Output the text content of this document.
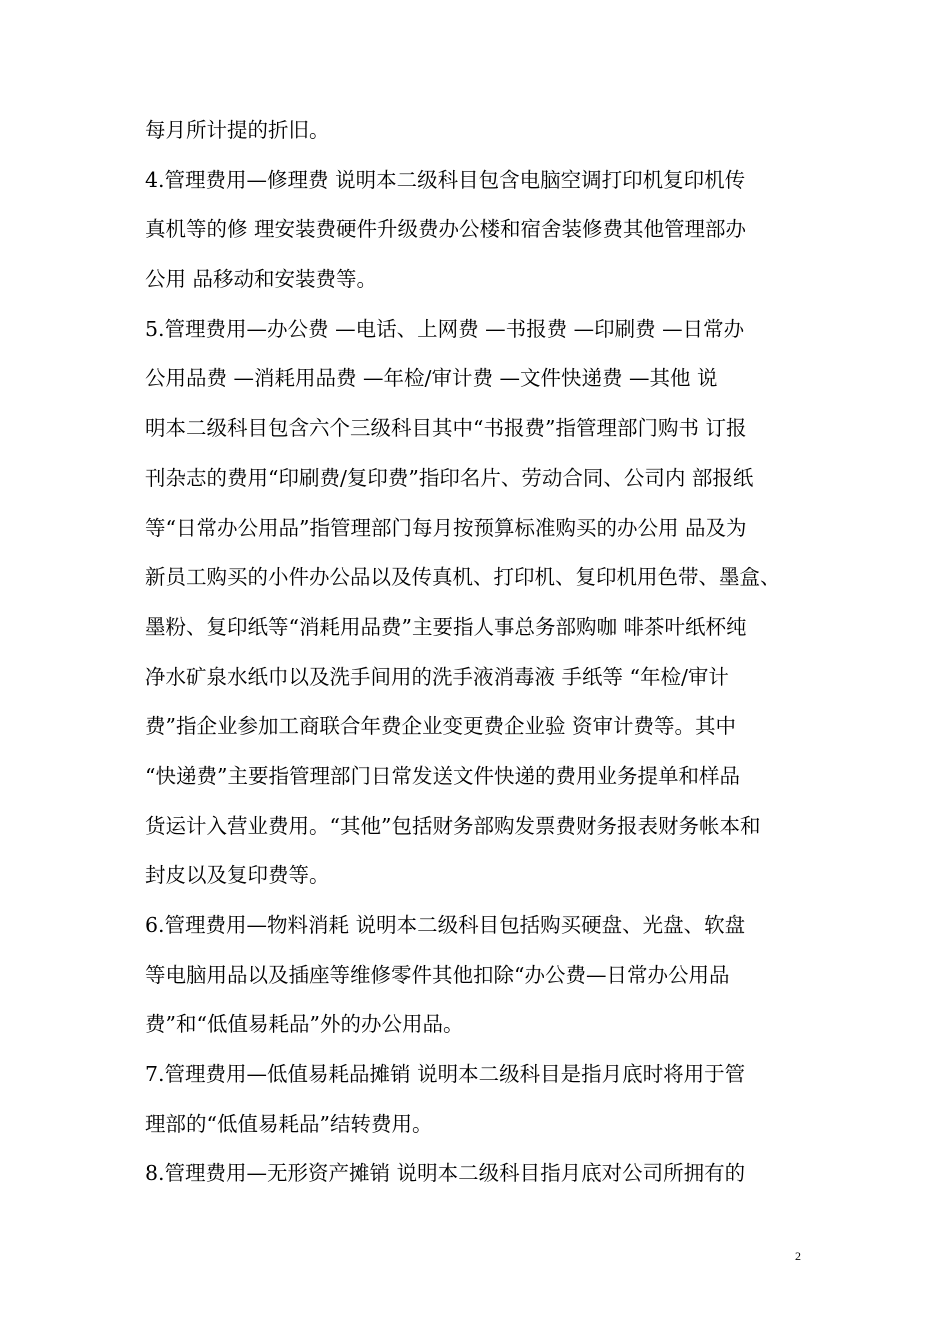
每月所计提的折旧。
4.管理费用—修理费 说明本二级科目包含电脑空调打印机复印机传
真机等的修 理安装费硬件升级费办公楼和宿舍装修费其他管理部办
公用 品移动和安装费等。
5.管理费用—办公费 —电话、上网费 —书报费 —印刷费 —日常办
公用品费 —消耗用品费 —年检/审计费 —文件快递费 —其他 说
明本二级科目包含六个三级科目其中“书报费”指管理部门购书 订报
刊杂志的费用“印刷费/复印费”指印名片、劳动合同、公司内 部报纸
等“日常办公用品”指管理部门每月按预算标准购买的办公用 品及为
新员工购买的小件办公品以及传真机、打印机、复印机用色带、墨盒、
墨粉、复印纸等“消耗用品费”主要指人事总务部购咖 啡茶叶纸杯纯
净水矿泉水纸巾以及洗手间用的洗手液消毒液 手纸等 “年检/审计
费”指企业参加工商联合年费企业变更费企业验 资审计费等。其中
“快递费”主要指管理部门日常发送文件快递的费用业务提单和样品
货运计入营业费用。“其他”包括财务部购发票费财务报表财务帐本和
封皮以及复印费等。
6.管理费用—物料消耗 说明本二级科目包括购买硬盘、光盘、软盘
等电脑用品以及插座等维修零件其他扣除“办公费—日常办公用品
费”和“低值易耗品”外的办公用品。
7.管理费用—低值易耗品摊销 说明本二级科目是指月底时将用于管
理部的“低值易耗品”结转费用。
8.管理费用—无形资产摊销 说明本二级科目指月底对公司所拥有的
2
